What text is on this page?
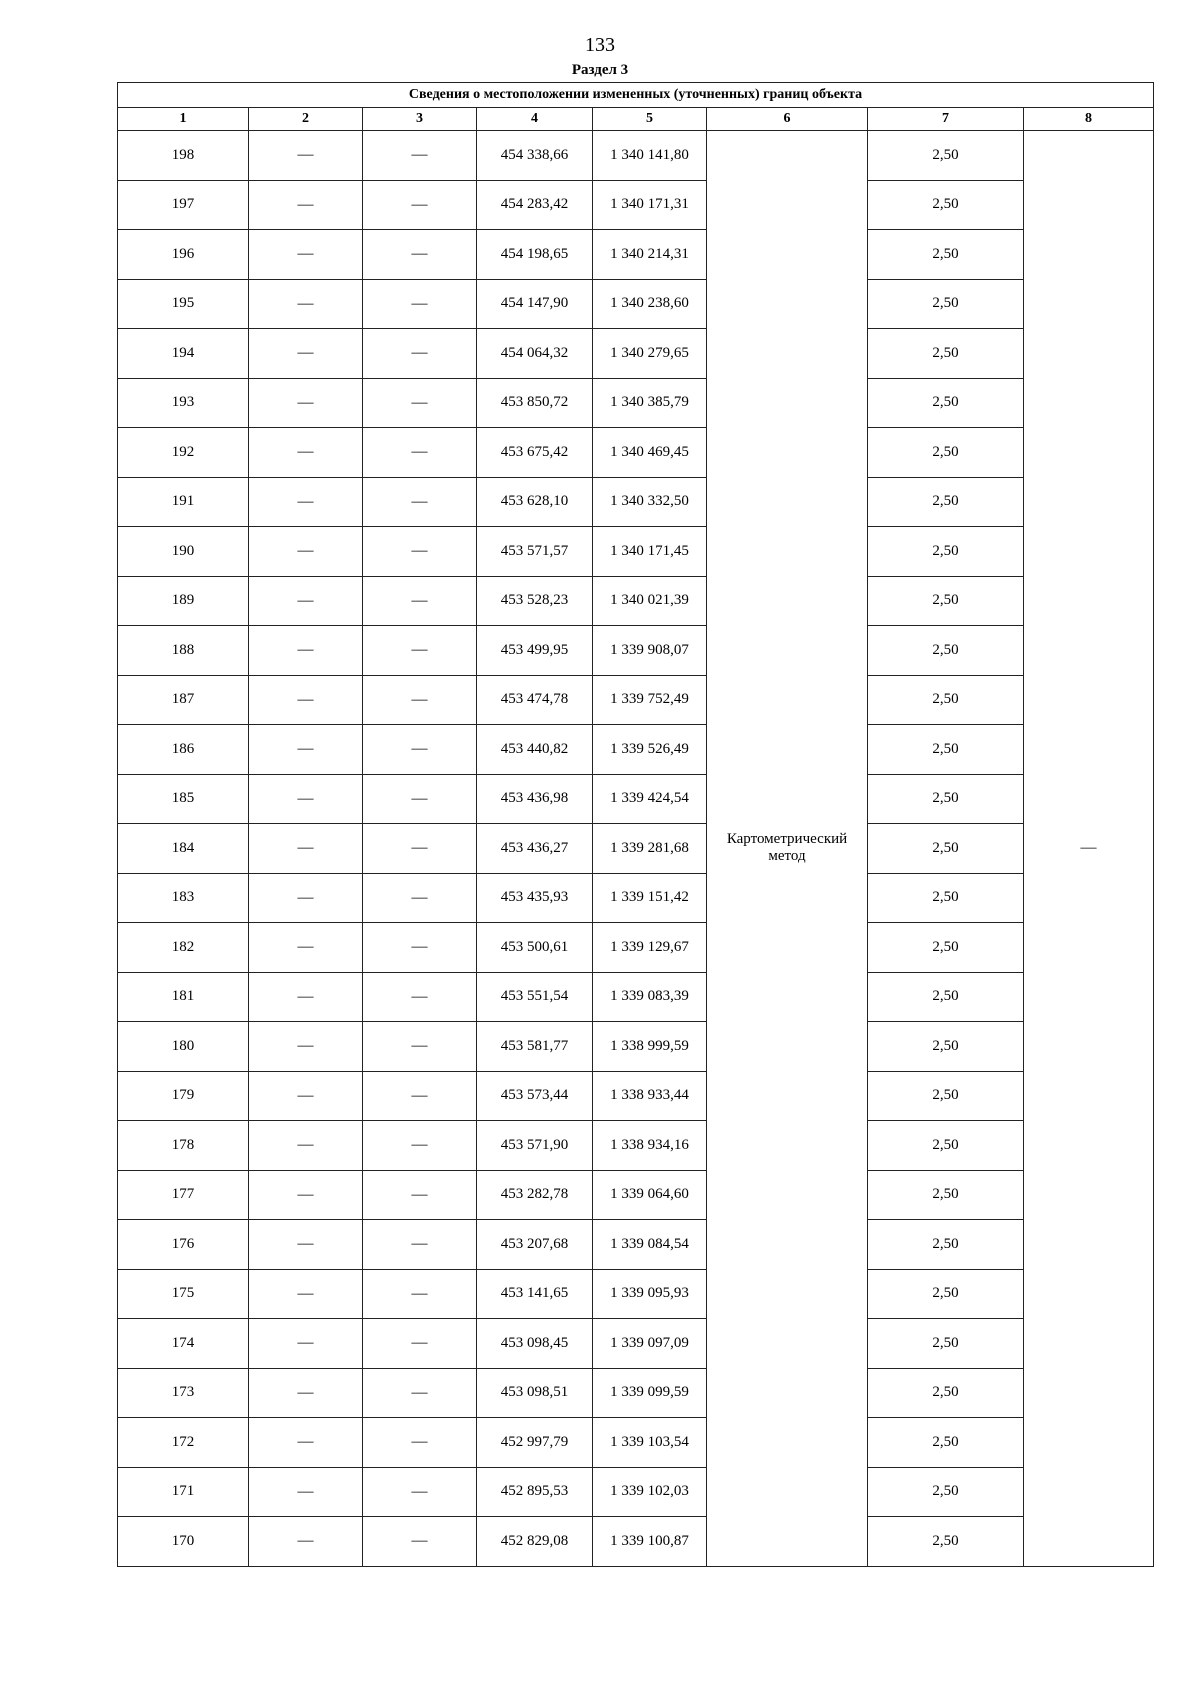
133
Раздел 3
Сведения о местоположении измененных (уточненных) границ объекта							
1	2	3	4	5	6	7	8
198	—	—	454 338,66	1 340 141,80	Картометрический метод	2,50	—
197	—	—	454 283,42	1 340 171,31		2,50	
196	—	—	454 198,65	1 340 214,31		2,50	
195	—	—	454 147,90	1 340 238,60		2,50	
194	—	—	454 064,32	1 340 279,65		2,50	
193	—	—	453 850,72	1 340 385,79		2,50	
192	—	—	453 675,42	1 340 469,45		2,50	
191	—	—	453 628,10	1 340 332,50		2,50	
190	—	—	453 571,57	1 340 171,45		2,50	
189	—	—	453 528,23	1 340 021,39		2,50	
188	—	—	453 499,95	1 339 908,07		2,50	
187	—	—	453 474,78	1 339 752,49		2,50	
186	—	—	453 440,82	1 339 526,49		2,50	
185	—	—	453 436,98	1 339 424,54		2,50	
184	—	—	453 436,27	1 339 281,68		2,50	
183	—	—	453 435,93	1 339 151,42		2,50	
182	—	—	453 500,61	1 339 129,67		2,50	
181	—	—	453 551,54	1 339 083,39		2,50	
180	—	—	453 581,77	1 338 999,59		2,50	
179	—	—	453 573,44	1 338 933,44		2,50	
178	—	—	453 571,90	1 338 934,16		2,50	
177	—	—	453 282,78	1 339 064,60		2,50	
176	—	—	453 207,68	1 339 084,54		2,50	
175	—	—	453 141,65	1 339 095,93		2,50	
174	—	—	453 098,45	1 339 097,09		2,50	
173	—	—	453 098,51	1 339 099,59		2,50	
172	—	—	452 997,79	1 339 103,54		2,50	
171	—	—	452 895,53	1 339 102,03		2,50	
170	—	—	452 829,08	1 339 100,87		2,50	
